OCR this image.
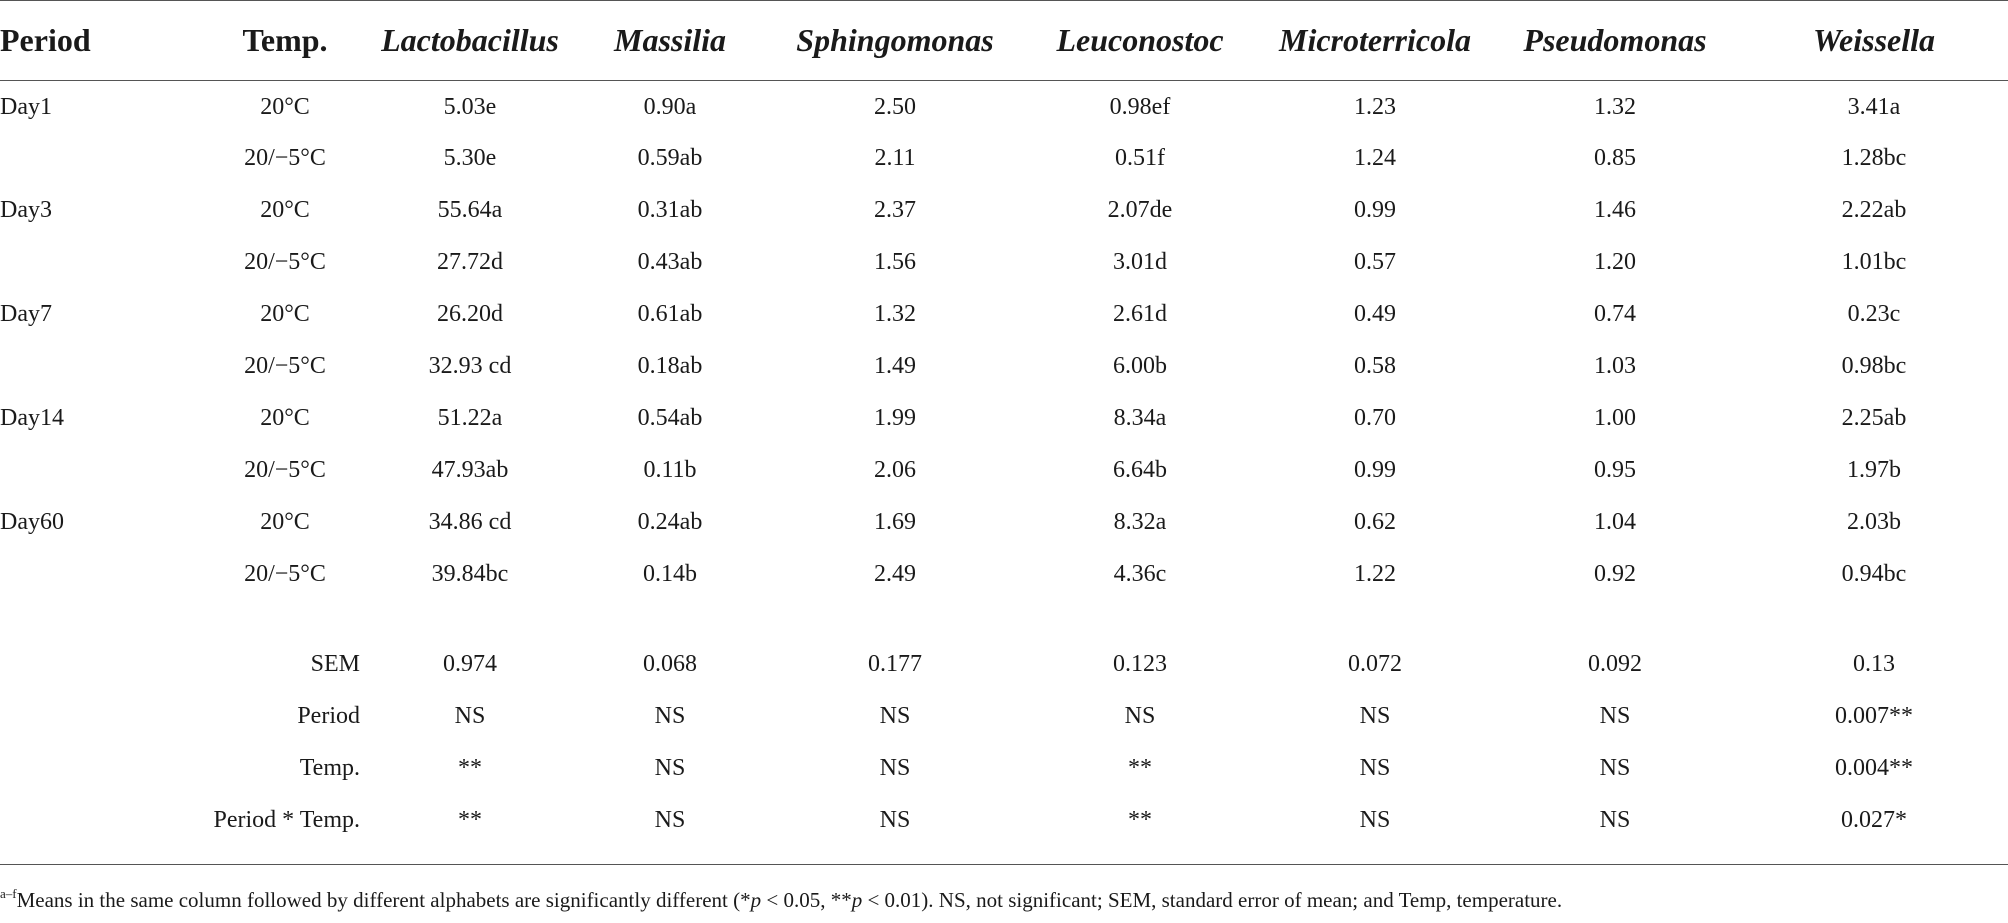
Period	Temp.	Lactobacillus	Massilia	Sphingomonas	Leuconostoc	Microterricola	Pseudomonas	Weissella
Day1	20°C	5.03e	0.90a	2.50	0.98ef	1.23	1.32	3.41a
	20/−5°C	5.30e	0.59ab	2.11	0.51f	1.24	0.85	1.28bc
Day3	20°C	55.64a	0.31ab	2.37	2.07de	0.99	1.46	2.22ab
	20/−5°C	27.72d	0.43ab	1.56	3.01d	0.57	1.20	1.01bc
Day7	20°C	26.20d	0.61ab	1.32	2.61d	0.49	0.74	0.23c
	20/−5°C	32.93 cd	0.18ab	1.49	6.00b	0.58	1.03	0.98bc
Day14	20°C	51.22a	0.54ab	1.99	8.34a	0.70	1.00	2.25ab
	20/−5°C	47.93ab	0.11b	2.06	6.64b	0.99	0.95	1.97b
Day60	20°C	34.86 cd	0.24ab	1.69	8.32a	0.62	1.04	2.03b
	20/−5°C	39.84bc	0.14b	2.49	4.36c	1.22	0.92	0.94bc

SEM		0.974	0.068	0.177	0.123	0.072	0.092	0.13
Period		NS	NS	NS	NS	NS	NS	0.007**
Temp.		**	NS	NS	**	NS	NS	0.004**
Period * Temp.		**	NS	NS	**	NS	NS	0.027*

$^{a-f}$Means in the same column followed by different alphabets are significantly different (*p < 0.05, **p < 0.01). NS, not significant; SEM, standard error of mean; and Temp, temperature.
